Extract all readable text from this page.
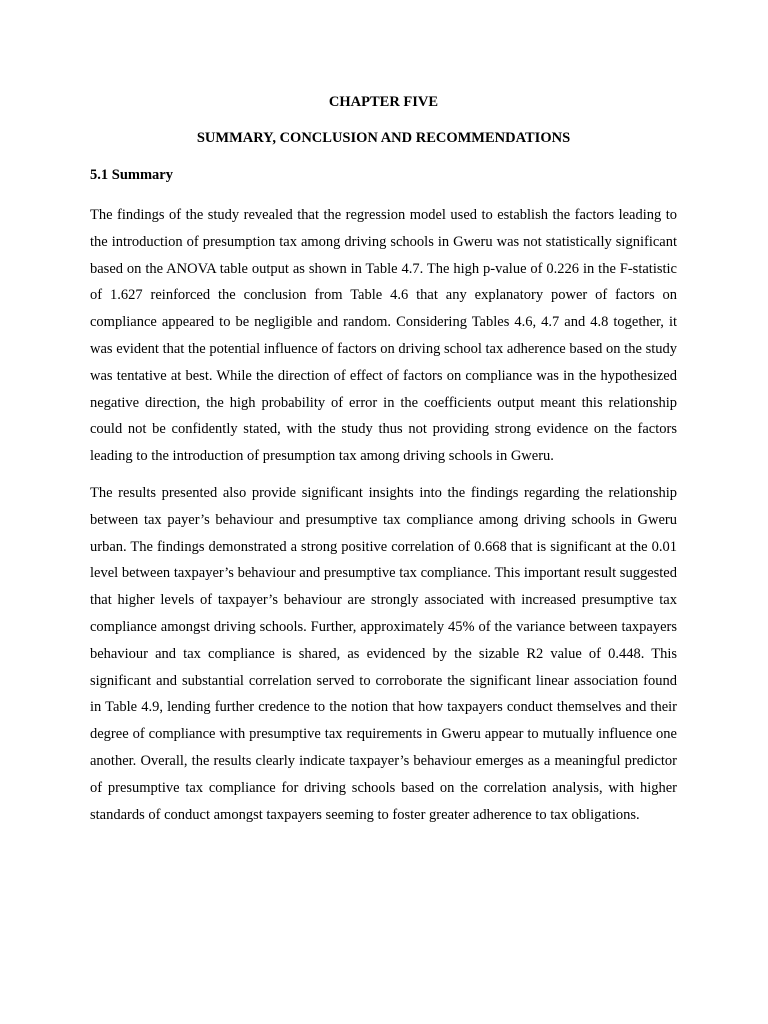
CHAPTER FIVE
SUMMARY, CONCLUSION AND RECOMMENDATIONS
5.1 Summary

The findings of the study revealed that the regression model used to establish the factors leading to the introduction of presumption tax among driving schools in Gweru was not statistically significant based on the ANOVA table output as shown in Table 4.7. The high p-value of 0.226 in the F-statistic of 1.627 reinforced the conclusion from Table 4.6 that any explanatory power of factors on compliance appeared to be negligible and random. Considering Tables 4.6, 4.7 and 4.8 together, it was evident that the potential influence of factors on driving school tax adherence based on the study was tentative at best. While the direction of effect of factors on compliance was in the hypothesized negative direction, the high probability of error in the coefficients output meant this relationship could not be confidently stated, with the study thus not providing strong evidence on the factors leading to the introduction of presumption tax among driving schools in Gweru.

The results presented also provide significant insights into the findings regarding the relationship between tax payer’s behaviour and presumptive tax compliance among driving schools in Gweru urban. The findings demonstrated a strong positive correlation of 0.668 that is significant at the 0.01 level between taxpayer’s behaviour and presumptive tax compliance. This important result suggested that higher levels of taxpayer’s behaviour are strongly associated with increased presumptive tax compliance amongst driving schools. Further, approximately 45% of the variance between taxpayers behaviour and tax compliance is shared, as evidenced by the sizable R2 value of 0.448. This significant and substantial correlation served to corroborate the significant linear association found in Table 4.9, lending further credence to the notion that how taxpayers conduct themselves and their degree of compliance with presumptive tax requirements in Gweru appear to mutually influence one another. Overall, the results clearly indicate taxpayer’s behaviour emerges as a meaningful predictor of presumptive tax compliance for driving schools based on the correlation analysis, with higher standards of conduct amongst taxpayers seeming to foster greater adherence to tax obligations.
